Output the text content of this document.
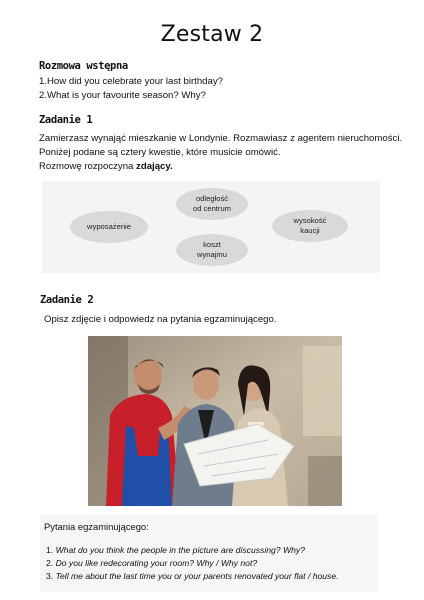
Zestaw 2
Rozmowa wstępna
1.How did you celebrate your last birthday?
2.What is your favourite season? Why?
Zadanie 1
Zamierzasz wynająć mieszkanie w Londynie. Rozmawiasz z agentem nieruchomości.
Poniżej podane są cztery kwestie, które musicie omówić.
Rozmowę rozpoczyna zdający.
wyposażenie
odległość
od centrum
wysokość
kaucji
koszt
wynajmu
Zadanie 2
Opisz zdjęcie i odpowiedz na pytania egzaminującego.
Pytania egzaminującego:
1. What do you think the people in the picture are discussing? Why?
2. Do you like redecorating your room? Why / Why not?
3. Tell me about the last time you or your parents renovated your flat / house.
